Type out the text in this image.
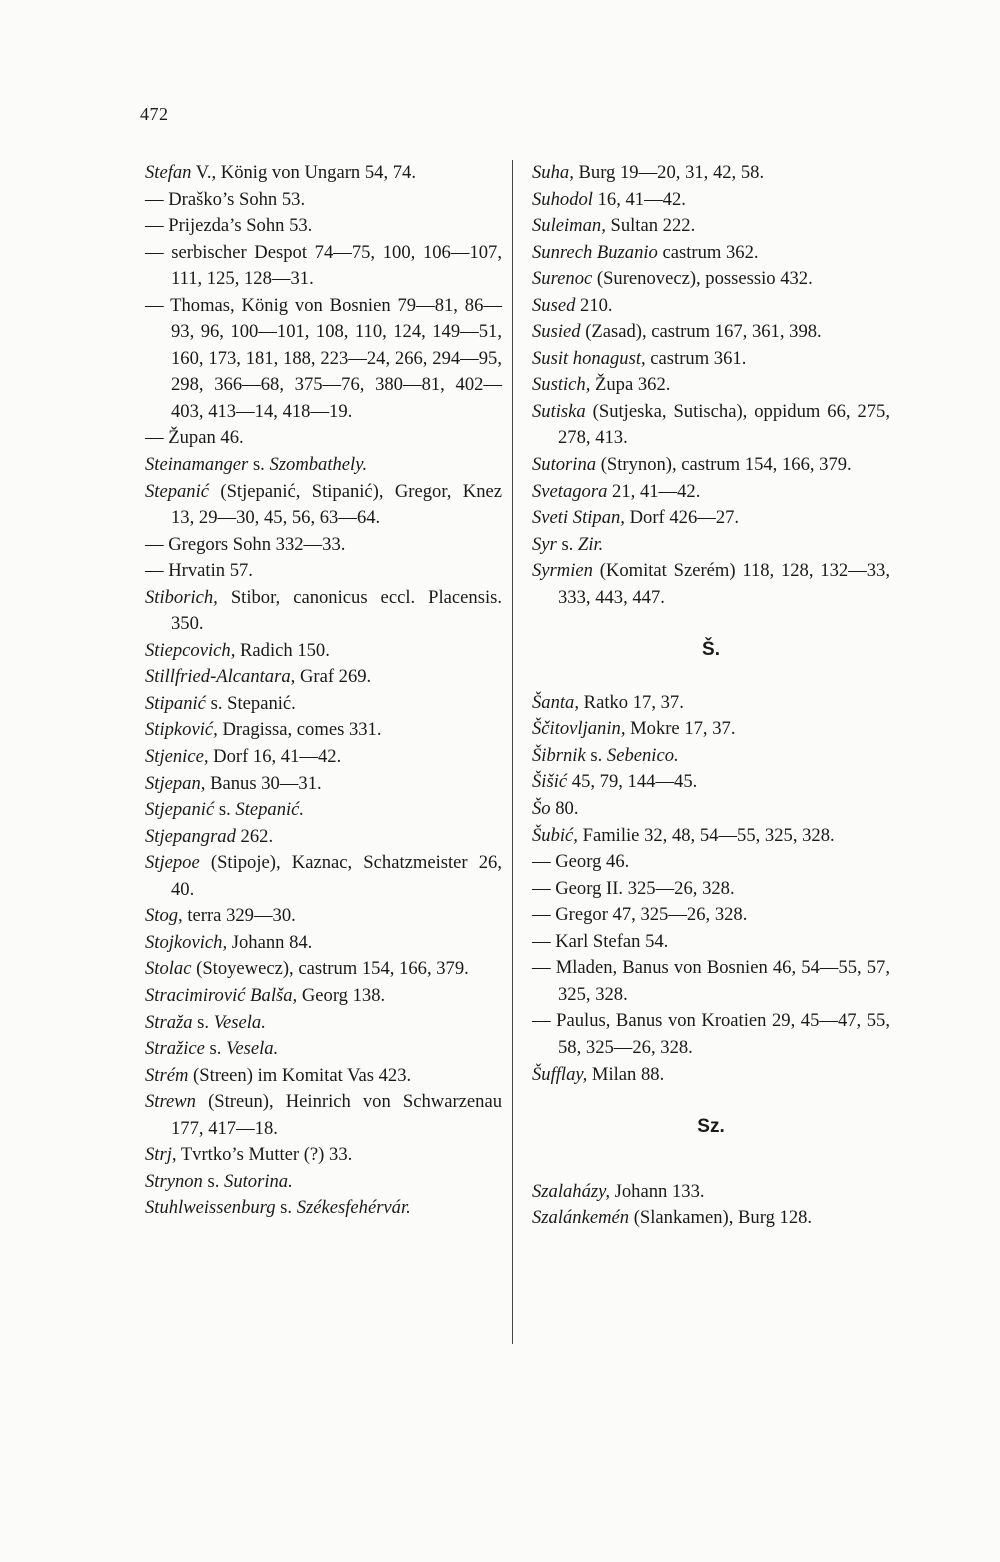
472
Stefan V., König von Ungarn 54, 74.
— Draško’s Sohn 53.
— Prijezda’s Sohn 53.
— serbischer Despot 74—75, 100, 106—107, 111, 125, 128—31.
— Thomas, König von Bosnien 79—81, 86—93, 96, 100—101, 108, 110, 124, 149—51, 160, 173, 181, 188, 223—24, 266, 294—95, 298, 366—68, 375—76, 380—81, 402—403, 413—14, 418—19.
— Župan 46.
Steinamanger s. Szombathely.
Stepanić (Stjepanić, Stipanić), Gregor, Knez 13, 29—30, 45, 56, 63—64.
— Gregors Sohn 332—33.
— Hrvatin 57.
Stiborich, Stibor, canonicus eccl. Placensis. 350.
Stiepcovich, Radich 150.
Stillfried-Alcantara, Graf 269.
Stipanić s. Stepanić.
Stipković, Dragissa, comes 331.
Stjenice, Dorf 16, 41—42.
Stjepan, Banus 30—31.
Stjepanić s. Stepanić.
Stjepangrad 262.
Stjepoe (Stipoje), Kaznac, Schatzmeister 26, 40.
Stog, terra 329—30.
Stojkovich, Johann 84.
Stolac (Stoyewecz), castrum 154, 166, 379.
Stracimirović Balša, Georg 138.
Straža s. Vesela.
Stražice s. Vesela.
Strém (Streen) im Komitat Vas 423.
Strewn (Streun), Heinrich von Schwarzenau 177, 417—18.
Strj, Tvrtko’s Mutter (?) 33.
Strynon s. Sutorina.
Stuhlweissenburg s. Székesfehérvár.
Suha, Burg 19—20, 31, 42, 58.
Suhodol 16, 41—42.
Suleiman, Sultan 222.
Sunrech Buzanio castrum 362.
Surenoc (Surenovecz), possessio 432.
Sused 210.
Susied (Zasad), castrum 167, 361, 398.
Susit honagust, castrum 361.
Sustich, Župa 362.
Sutiska (Sutjeska, Sutischa), oppidum 66, 275, 278, 413.
Sutorina (Strynon), castrum 154, 166, 379.
Svetagora 21, 41—42.
Sveti Stipan, Dorf 426—27.
Syr s. Zir.
Syrmien (Komitat Szerém) 118, 128, 132—33, 333, 443, 447.
Š.
Šanta, Ratko 17, 37.
Ščitovljanin, Mokre 17, 37.
Šibrnik s. Sebenico.
Šišić 45, 79, 144—45.
Šo 80.
Šubić, Familie 32, 48, 54—55, 325, 328.
— Georg 46.
— Georg II. 325—26, 328.
— Gregor 47, 325—26, 328.
— Karl Stefan 54.
— Mladen, Banus von Bosnien 46, 54—55, 57, 325, 328.
— Paulus, Banus von Kroatien 29, 45—47, 55, 58, 325—26, 328.
Šufflay, Milan 88.
Sz.
Szalaházy, Johann 133.
Szalánkemén (Slankamen), Burg 128.
